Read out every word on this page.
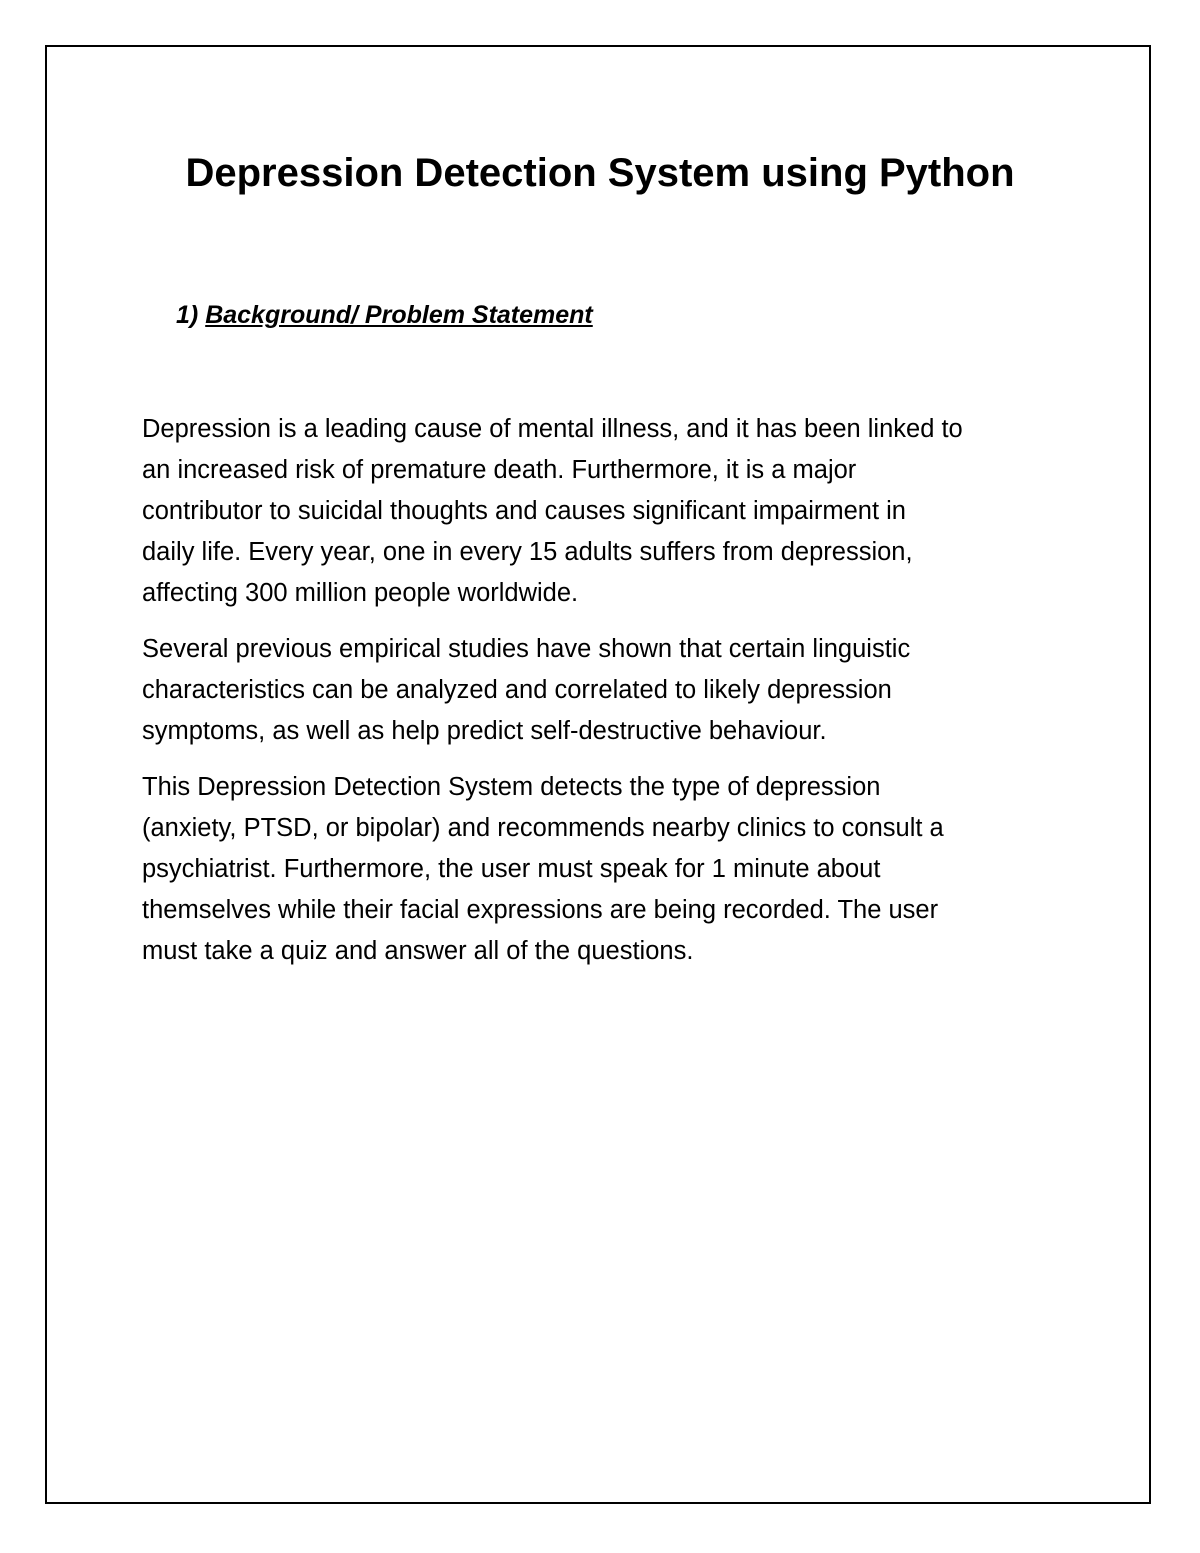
Depression Detection System using Python
1) Background/ Problem Statement

Depression is a leading cause of mental illness, and it has been linked to
an increased risk of premature death. Furthermore, it is a major
contributor to suicidal thoughts and causes significant impairment in
daily life. Every year, one in every 15 adults suffers from depression,
affecting 300 million people worldwide.

Several previous empirical studies have shown that certain linguistic
characteristics can be analyzed and correlated to likely depression
symptoms, as well as help predict self-destructive behaviour.

This Depression Detection System detects the type of depression
(anxiety, PTSD, or bipolar) and recommends nearby clinics to consult a
psychiatrist. Furthermore, the user must speak for 1 minute about
themselves while their facial expressions are being recorded. The user
must take a quiz and answer all of the questions.
